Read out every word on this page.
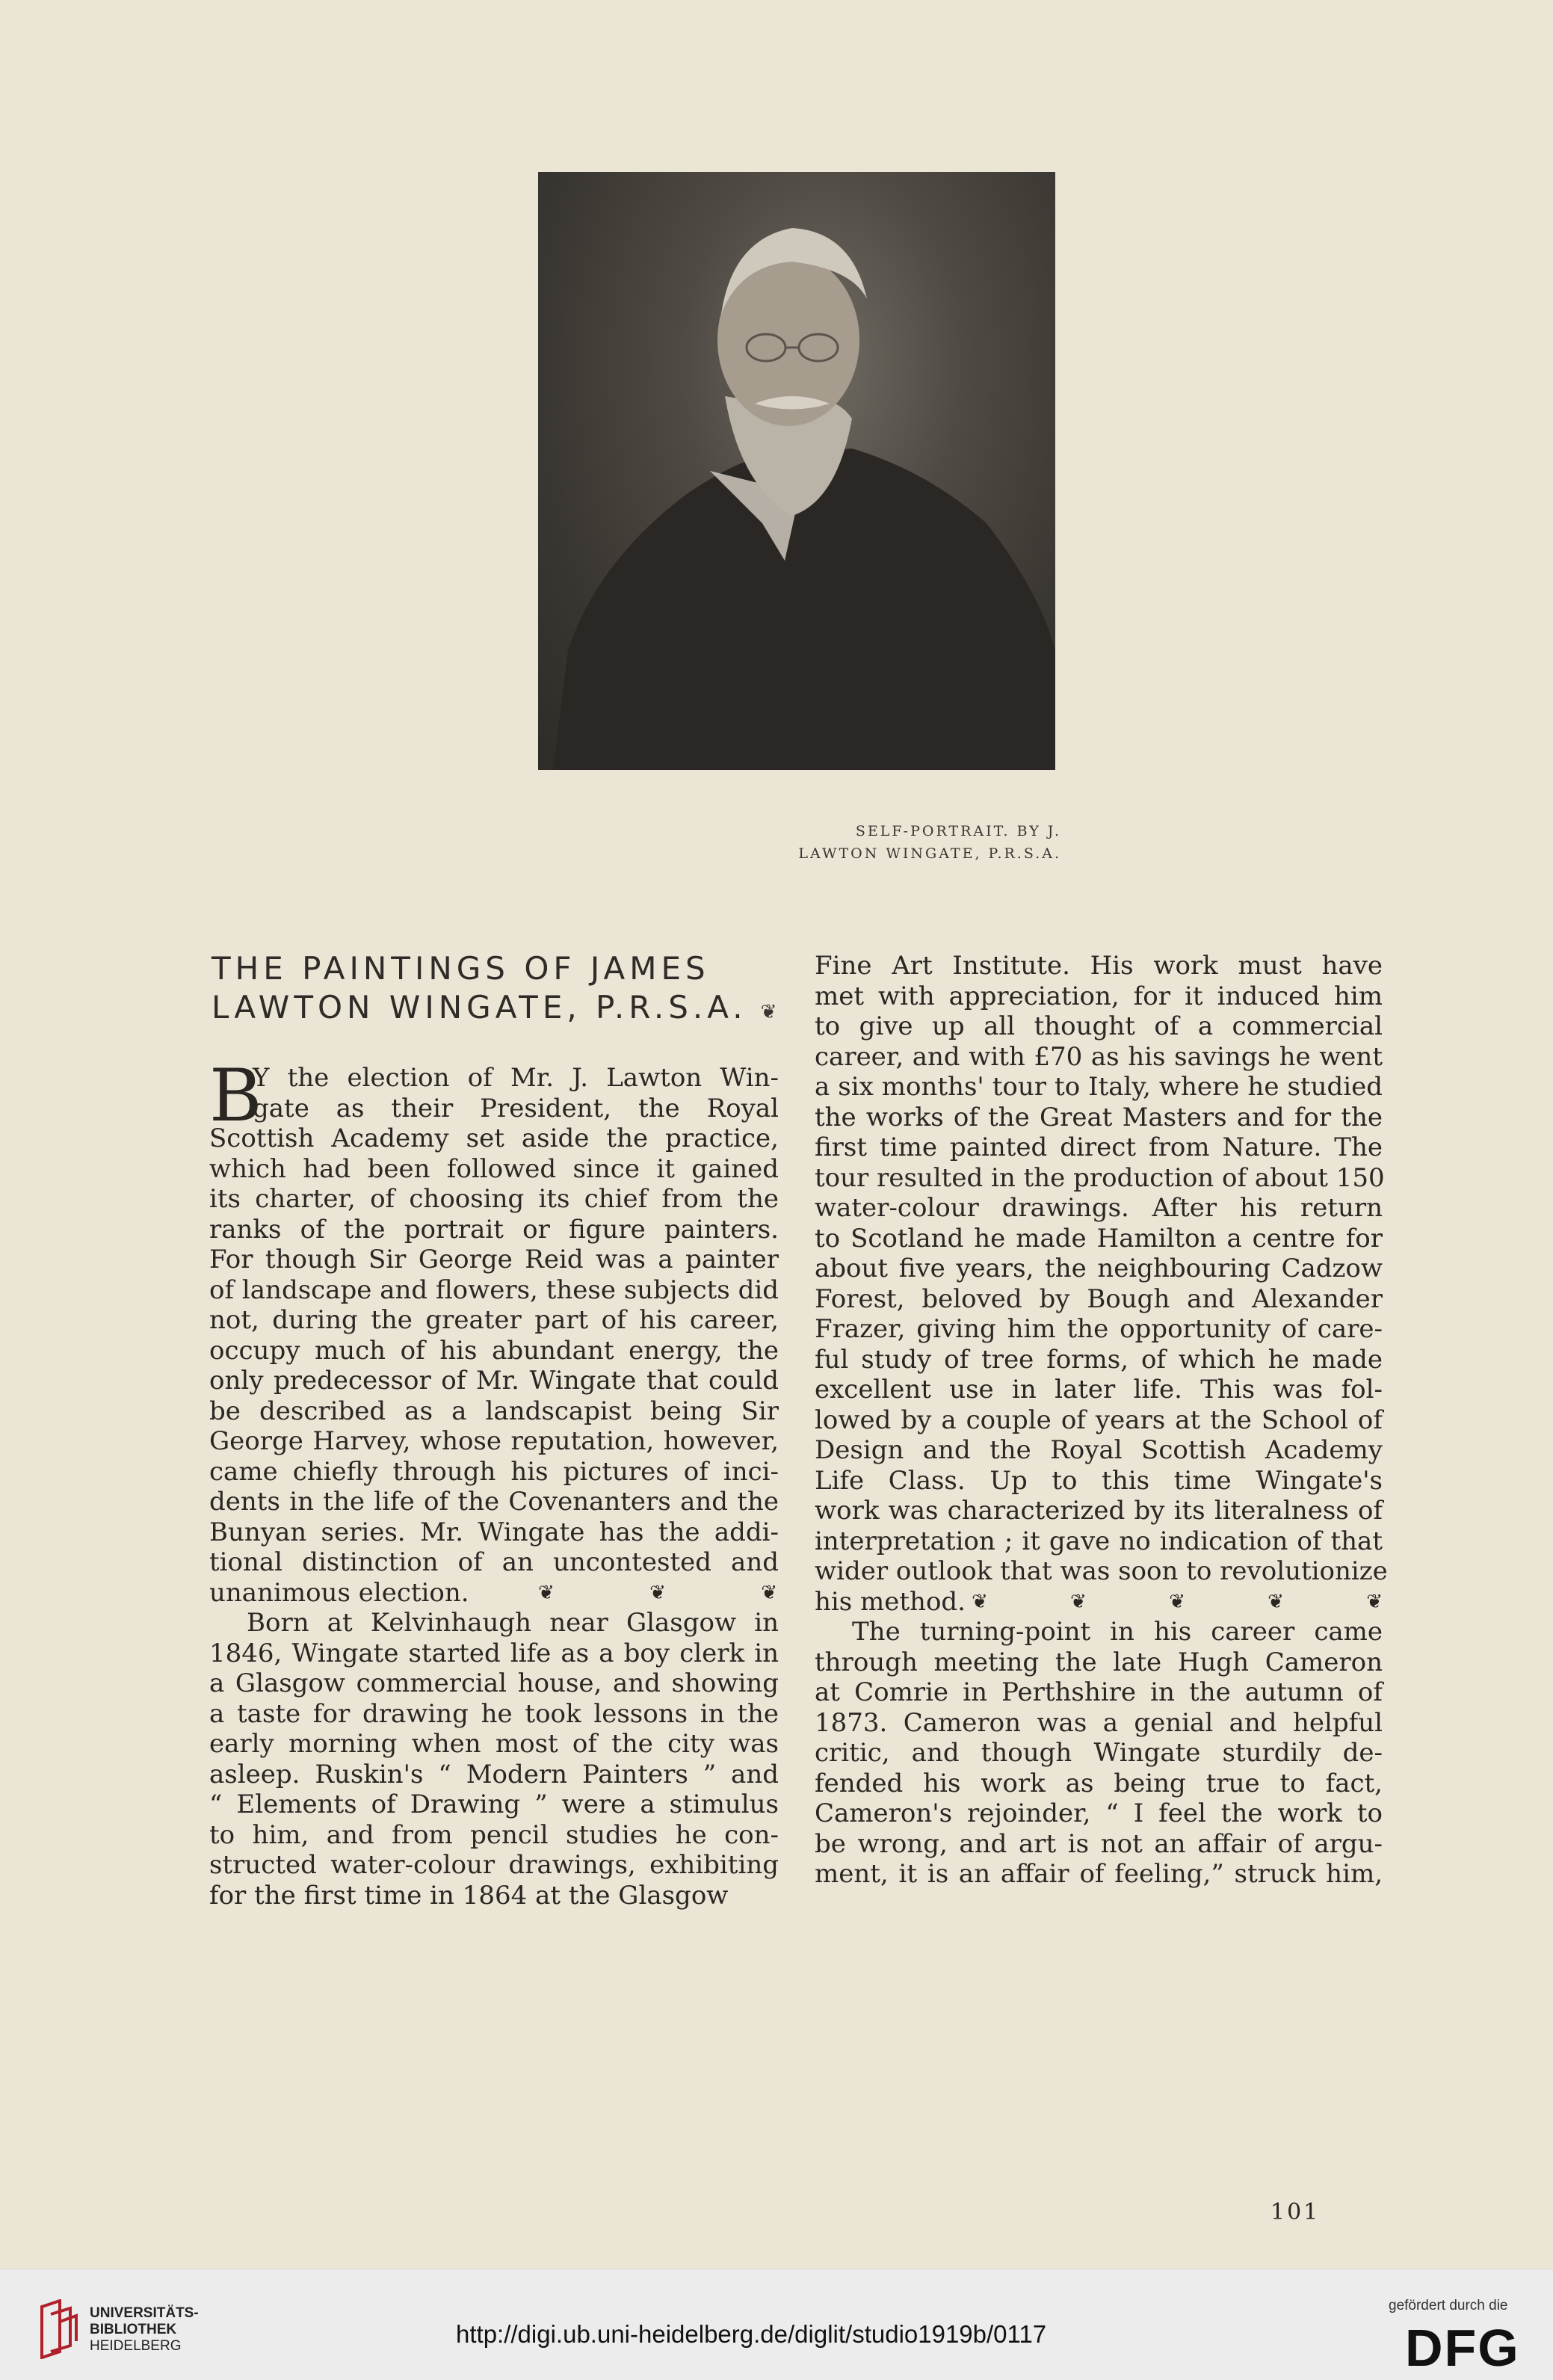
SELF-PORTRAIT. BY J.
LAWTON WINGATE, P.R.S.A.
THE PAINTINGS OF JAMES
LAWTON WINGATE, P.R.S.A. ❦
B
Y the election of Mr. J. Lawton Win-
gate as their President, the Royal
Scottish Academy set aside the practice,
which had been followed since it gained
its charter, of choosing its chief from the
ranks of the portrait or figure painters.
For though Sir George Reid was a painter
of landscape and flowers, these subjects did
not, during the greater part of his career,
occupy much of his abundant energy, the
only predecessor of Mr. Wingate that could
be described as a landscapist being Sir
George Harvey, whose reputation, however,
came chiefly through his pictures of inci-
dents in the life of the Covenanters and the
Bunyan series. Mr. Wingate has the addi-
tional distinction of an uncontested and
unanimous election.	❦ ❦ ❦
Born at Kelvinhaugh near Glasgow in
1846, Wingate started life as a boy clerk in
a Glasgow commercial house, and showing
a taste for drawing he took lessons in the
early morning when most of the city was
asleep. Ruskin's “ Modern Painters ” and
“ Elements of Drawing ” were a stimulus
to him, and from pencil studies he con-
structed water-colour drawings, exhibiting
for the first time in 1864 at the Glasgow
Fine Art Institute. His work must have
met with appreciation, for it induced him
to give up all thought of a commercial
career, and with £70 as his savings he went
a six months' tour to Italy, where he studied
the works of the Great Masters and for the
first time painted direct from Nature. The
tour resulted in the production of about 150
water-colour drawings. After his return
to Scotland he made Hamilton a centre for
about five years, the neighbouring Cadzow
Forest, beloved by Bough and Alexander
Frazer, giving him the opportunity of care-
ful study of tree forms, of which he made
excellent use in later life. This was fol-
lowed by a couple of years at the School of
Design and the Royal Scottish Academy
Life Class. Up to this time Wingate's
work was characterized by its literalness of
interpretation ; it gave no indication of that
wider outlook that was soon to revolutionize
his method. ❦ ❦ ❦ ❦ ❦
The turning-point in his career came
through meeting the late Hugh Cameron
at Comrie in Perthshire in the autumn of
1873. Cameron was a genial and helpful
critic, and though Wingate sturdily de-
fended his work as being true to fact,
Cameron's rejoinder, “ I feel the work to
be wrong, and art is not an affair of argu-
ment, it is an affair of feeling,” struck him,
101
UNIVERSITÄTS-
BIBLIOTHEK
HEIDELBERG	http://digi.ub.uni-heidelberg.de/diglit/studio1919b/0117
gefördert durch die
DFG
